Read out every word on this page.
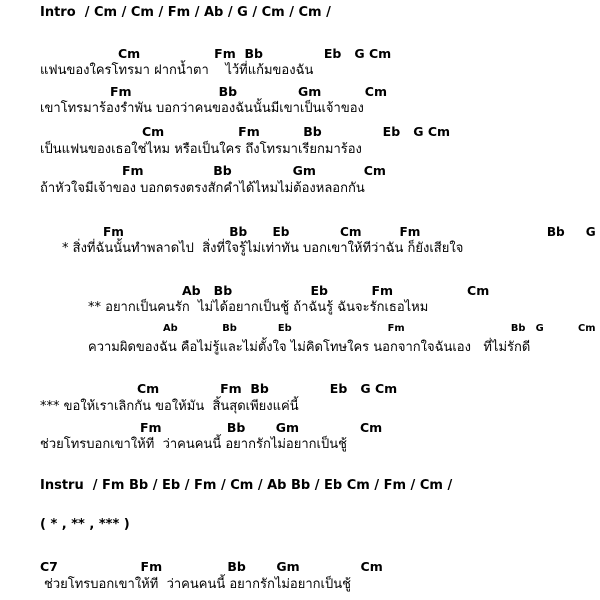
Intro  / Cm / Cm / Fm / Ab / G / Cm / Cm /
Cm                 Fm  Bb              Eb   G Cm
แฟนของใครโทรมา ฝากน้ำตา    ไว้ที่แก้มของฉัน
Fm                    Bb              Gm          Cm
เขาโทรมาร้องรำพัน บอกว่าคนของฉันนั้นมีเขาเป็นเจ้าของ
Cm                 Fm          Bb              Eb   G Cm
เป็นแฟนของเธอใช่ไหม หรือเป็นใคร ถึงโทรมาเรียกมาร้อง
Fm                Bb              Gm           Cm
ถ้าหัวใจมีเจ้าของ บอกตรงตรงสักคำได้ไหมไม่ต้องหลอกกัน
Fm                         Bb      Eb            Cm         Fm                              Bb     G
* สิ่งที่ฉันนั้นทำพลาดไป  สิ่งที่ใจรู้ไม่เท่าทัน บอกเขาให้ทีว่าฉัน ก็ยังเสียใจ
Ab   Bb                  Eb          Fm                 Cm
** อยากเป็นคนรัก  ไม่ได้อยากเป็นชู้ ถ้าฉันรู้ ฉันจะรักเธอไหม
Ab             Bb            Eb                            Fm                               Bb   G          Cm
ความผิดของฉัน คือไม่รู้และไม่ตั้งใจ ไม่คิดโทษใคร นอกจากใจฉันเอง   ที่ไม่รักดี
Cm              Fm  Bb              Eb   G Cm
*** ขอให้เราเลิกกัน ขอให้มัน  สิ้นสุดเพียงแค่นี้
Fm               Bb       Gm              Cm
ช่วยโทรบอกเขาให้ที  ว่าคนคนนี้ อยากรักไม่อยากเป็นชู้
Instru  / Fm Bb / Eb / Fm / Cm / Ab Bb / Eb Cm / Fm / Cm /
( * , ** , *** )
C7                   Fm               Bb       Gm              Cm
ช่วยโทรบอกเขาให้ที  ว่าคนคนนี้ อยากรักไม่อยากเป็นชู้
